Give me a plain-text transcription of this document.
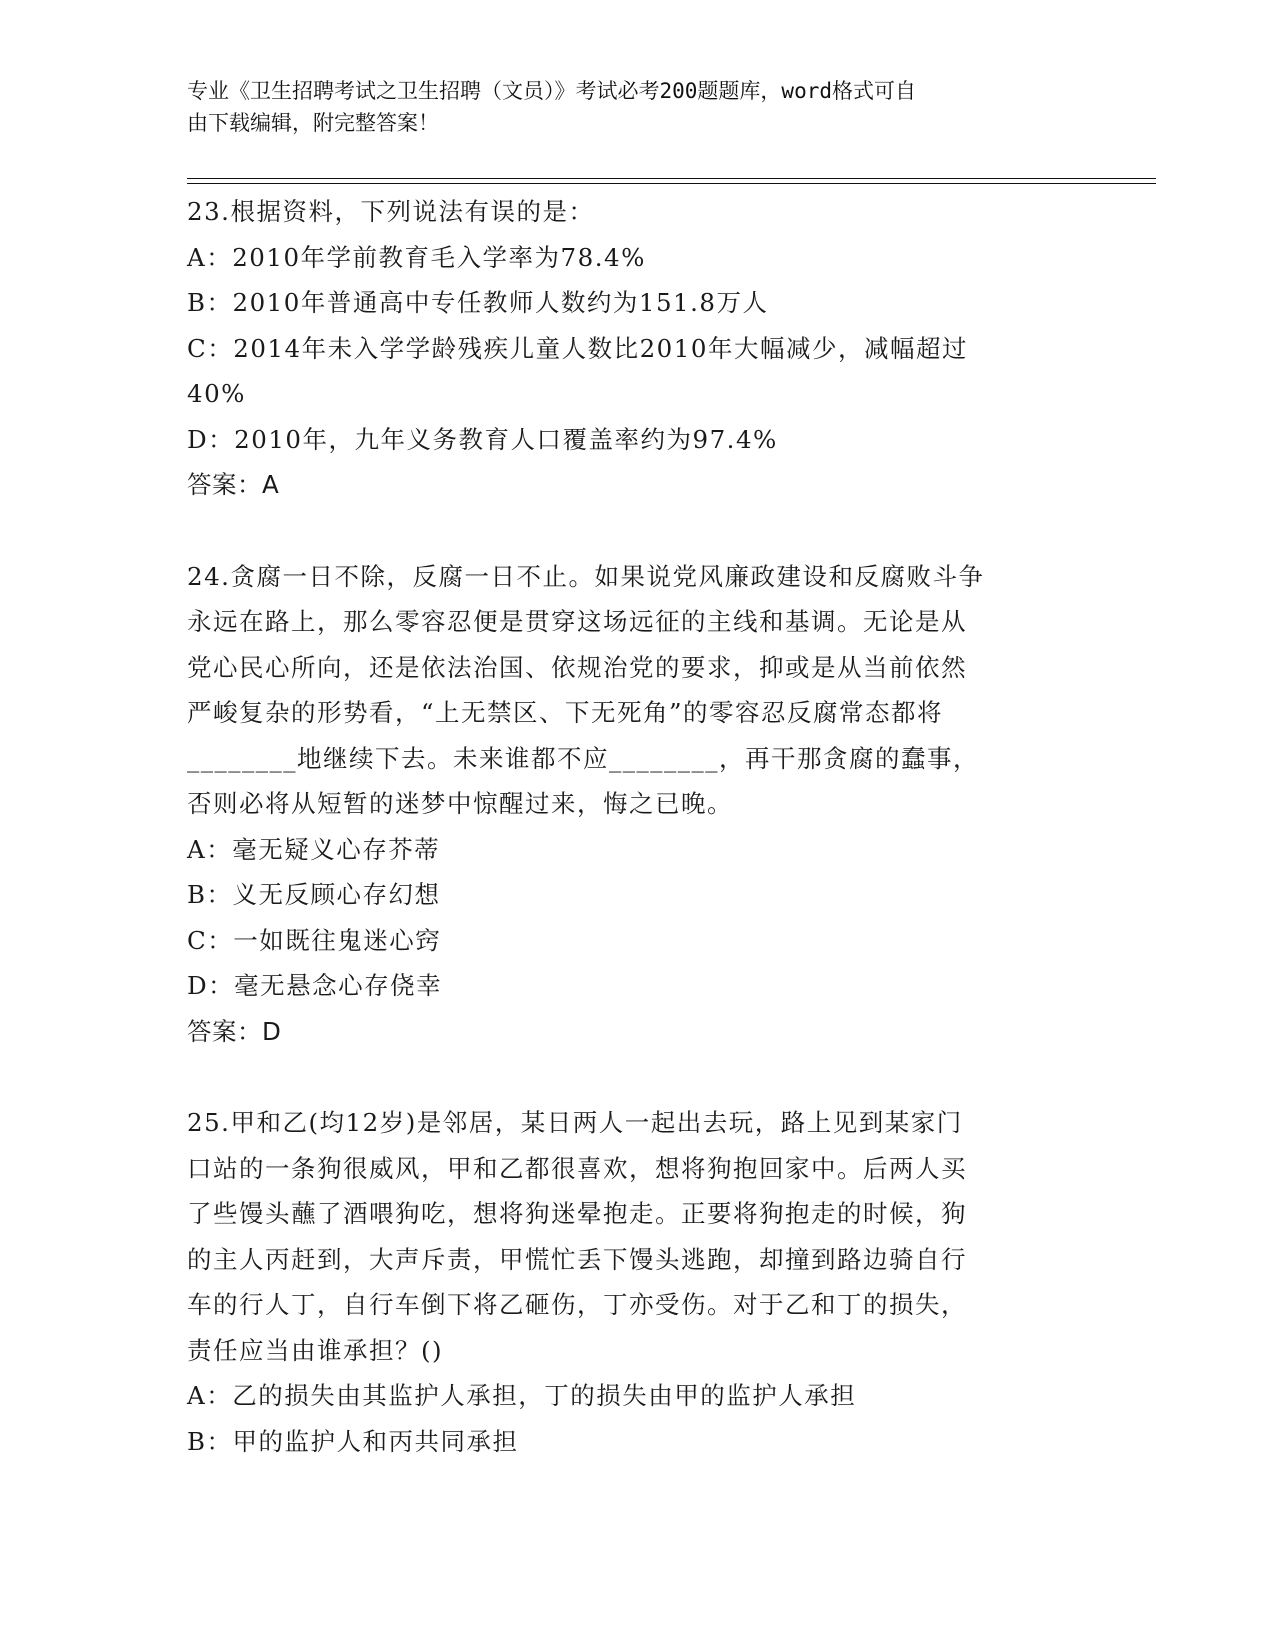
专业《卫生招聘考试之卫生招聘（文员）》考试必考200题题库，word格式可自
由下载编辑，附完整答案！

23.根据资料，下列说法有误的是：

A：2010年学前教育毛入学率为78.4%

B：2010年普通高中专任教师人数约为151.8万人

C：2014年未入学学龄残疾儿童人数比2010年大幅减少，减幅超过

40%

D：2010年，九年义务教育人口覆盖率约为97.4%

答案：A

24.贪腐一日不除，反腐一日不止。如果说党风廉政建设和反腐败斗争

永远在路上，那么零容忍便是贯穿这场远征的主线和基调。无论是从

党心民心所向，还是依法治国、依规治党的要求，抑或是从当前依然

严峻复杂的形势看，“上无禁区、下无死角”的零容忍反腐常态都将

________地继续下去。未来谁都不应________，再干那贪腐的蠢事，

否则必将从短暂的迷梦中惊醒过来，悔之已晚。

A：毫无疑义心存芥蒂

B：义无反顾心存幻想

C：一如既往鬼迷心窍

D：毫无悬念心存侥幸

答案：D

25.甲和乙(均12岁)是邻居，某日两人一起出去玩，路上见到某家门

口站的一条狗很威风，甲和乙都很喜欢，想将狗抱回家中。后两人买

了些馒头蘸了酒喂狗吃，想将狗迷晕抱走。正要将狗抱走的时候，狗

的主人丙赶到，大声斥责，甲慌忙丢下馒头逃跑，却撞到路边骑自行

车的行人丁，自行车倒下将乙砸伤，丁亦受伤。对于乙和丁的损失，

责任应当由谁承担？()

A：乙的损失由其监护人承担，丁的损失由甲的监护人承担

B：甲的监护人和丙共同承担
